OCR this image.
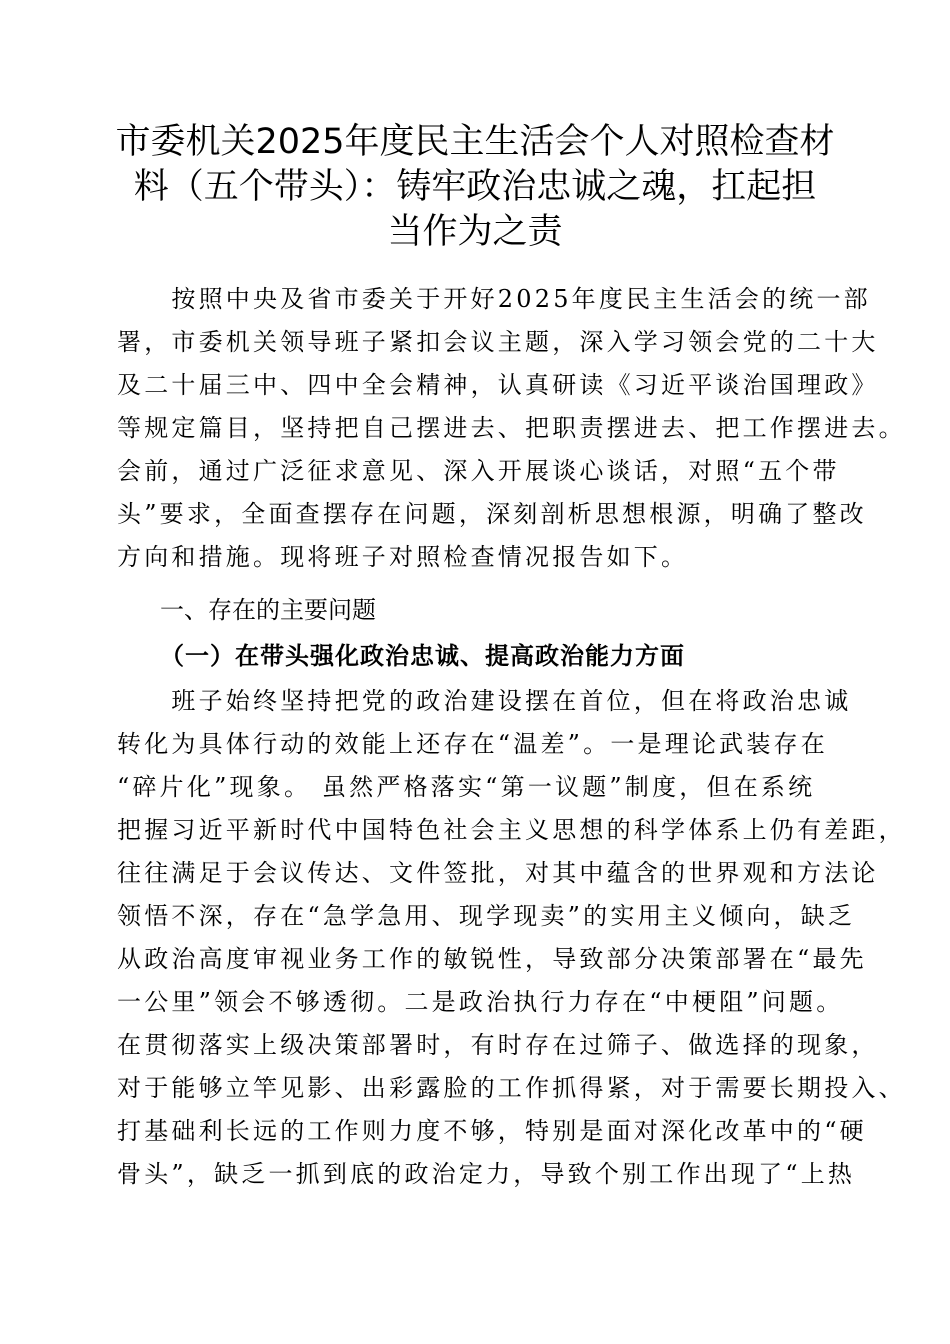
市委机关2025年度民主生活会个人对照检查材
料（五个带头）：铸牢政治忠诚之魂，扛起担
当作为之责
　　按照中央及省市委关于开好2025年度民主生活会的统一部
署，市委机关领导班子紧扣会议主题，深入学习领会党的二十大
及二十届三中、四中全会精神，认真研读《习近平谈治国理政》
等规定篇目，坚持把自己摆进去、把职责摆进去、把工作摆进去。
会前，通过广泛征求意见、深入开展谈心谈话，对照“五个带
头”要求，全面查摆存在问题，深刻剖析思想根源，明确了整改
方向和措施。现将班子对照检查情况报告如下。
一、存在的主要问题
（一）在带头强化政治忠诚、提高政治能力方面
　　班子始终坚持把党的政治建设摆在首位，但在将政治忠诚
转化为具体行动的效能上还存在“温差”。一是理论武装存在
“碎片化”现象。 虽然严格落实“第一议题”制度，但在系统
把握习近平新时代中国特色社会主义思想的科学体系上仍有差距，
往往满足于会议传达、文件签批，对其中蕴含的世界观和方法论
领悟不深，存在“急学急用、现学现卖”的实用主义倾向，缺乏
从政治高度审视业务工作的敏锐性，导致部分决策部署在“最先
一公里”领会不够透彻。二是政治执行力存在“中梗阻”问题。
在贯彻落实上级决策部署时，有时存在过筛子、做选择的现象，
对于能够立竿见影、出彩露脸的工作抓得紧，对于需要长期投入、
打基础利长远的工作则力度不够，特别是面对深化改革中的“硬
骨头”，缺乏一抓到底的政治定力，导致个别工作出现了“上热
